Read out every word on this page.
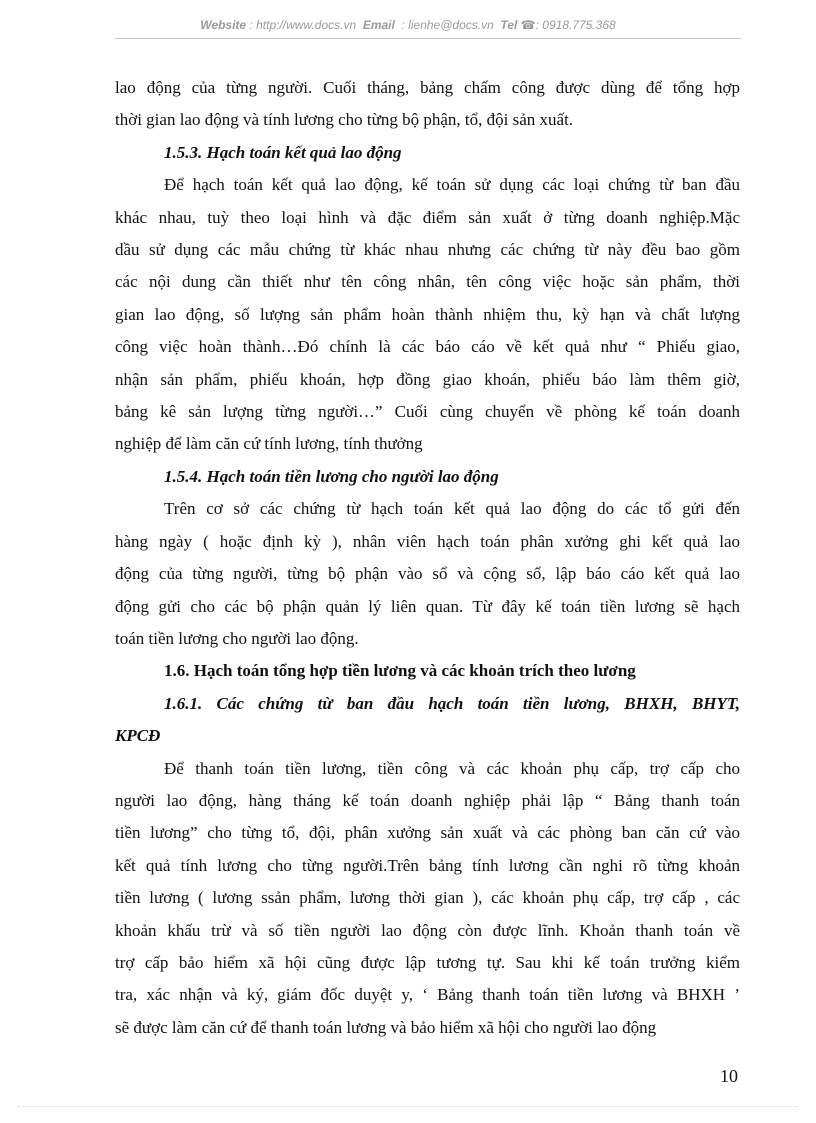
Website : http://www.docs.vn Email : lienhe@docs.vn Tel ☎: 0918.775.368

lao động của từng người. Cuối tháng, bảng chấm công được dùng để tổng hợp

thời gian lao động và tính lương cho từng bộ phận, tổ, đội sản xuất.

1.5.3. Hạch toán kết quả lao động

Để hạch toán kết quả lao động, kế toán sử dụng các loại chứng từ ban đầu

khác nhau, tuỳ theo loại hình và đặc điểm sản xuất ở từng doanh nghiệp.Mặc

dầu sử dụng các mẫu chứng từ khác nhau nhưng các chứng từ này đều bao gồm

các nội dung cần thiết như tên công nhân, tên công việc hoặc sản phẩm, thời

gian lao động, số lượng sản phẩm hoàn thành nhiệm thu, kỳ hạn và chất lượng

công việc hoàn thành…Đó chính là các báo cáo về kết quả như “ Phiếu giao,

nhận sản phẩm, phiếu khoán, hợp đồng giao khoán, phiếu báo làm thêm giờ,

bảng kê sản lượng từng người…” Cuối cùng chuyển về phòng kế toán doanh

nghiệp để làm căn cứ tính lương, tính thưởng

1.5.4. Hạch toán tiền lương cho người lao động

Trên cơ sở các chứng từ hạch toán kết quả lao động do các tổ gửi đến

hàng ngày ( hoặc định kỳ ), nhân viên hạch toán phân xưởng ghi kết quả lao

động của từng người, từng bộ phận vào sổ và cộng sổ, lập báo cáo kết quả lao

động gửi cho các bộ phận quản lý liên quan. Từ đây kế toán tiền lương sẽ hạch

toán tiền lương cho người lao động.

1.6. Hạch toán tổng hợp tiền lương và các khoản trích theo lương

1.6.1. Các chứng từ ban đầu hạch toán tiền lương, BHXH, BHYT,

KPCĐ

Để thanh toán tiền lương, tiền công và các khoản phụ cấp, trợ cấp cho

người lao động, hàng tháng kế toán doanh nghiệp phải lập “ Bảng thanh toán

tiền lương” cho từng tổ, đội, phân xưởng sản xuất và các phòng ban căn cứ vào

kết quả tính lương cho từng người.Trên bảng tính lương cần nghi rõ từng khoản

tiền lương ( lương ssản phẩm, lương thời gian ), các khoản phụ cấp, trợ cấp , các

khoản khấu trừ và số tiền người lao động còn được lĩnh. Khoản thanh toán về

trợ cấp bảo hiểm xã hội cũng được lập tương tự. Sau khi kế toán trưởng kiểm

tra, xác nhận và ký, giám đốc duyệt y, ‘ Bảng thanh toán tiền lương và BHXH ’

sẽ được làm căn cứ để thanh toán lương và bảo hiểm xã hội cho người lao động

10
